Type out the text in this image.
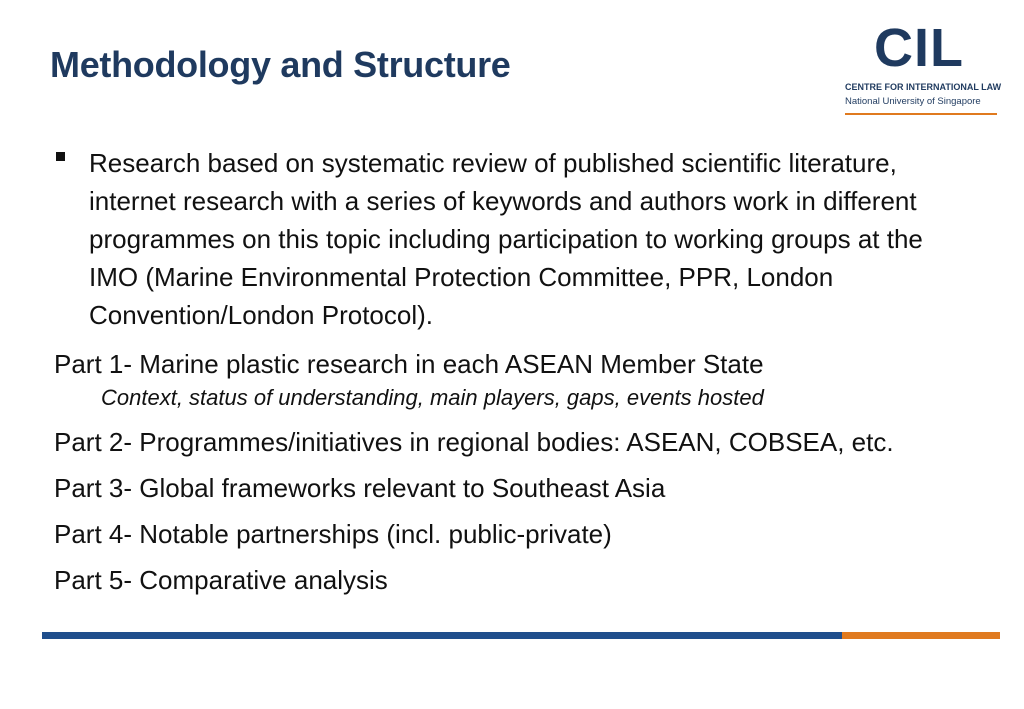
Methodology and Structure	CIL
CENTRE FOR INTERNATIONAL LAW
National University of Singapore
Research based on systematic review of published scientific literature, internet research with a series of keywords and authors work in different programmes on this topic including participation to working groups at the IMO (Marine Environmental Protection Committee, PPR, London Convention/London Protocol).

Part 1- Marine plastic research in each ASEAN Member State

Context, status of understanding, main players, gaps, events hosted

Part 2- Programmes/initiatives in regional bodies: ASEAN, COBSEA, etc.

Part 3- Global frameworks relevant to Southeast Asia

Part 4- Notable partnerships (incl. public-private)

Part 5- Comparative analysis
